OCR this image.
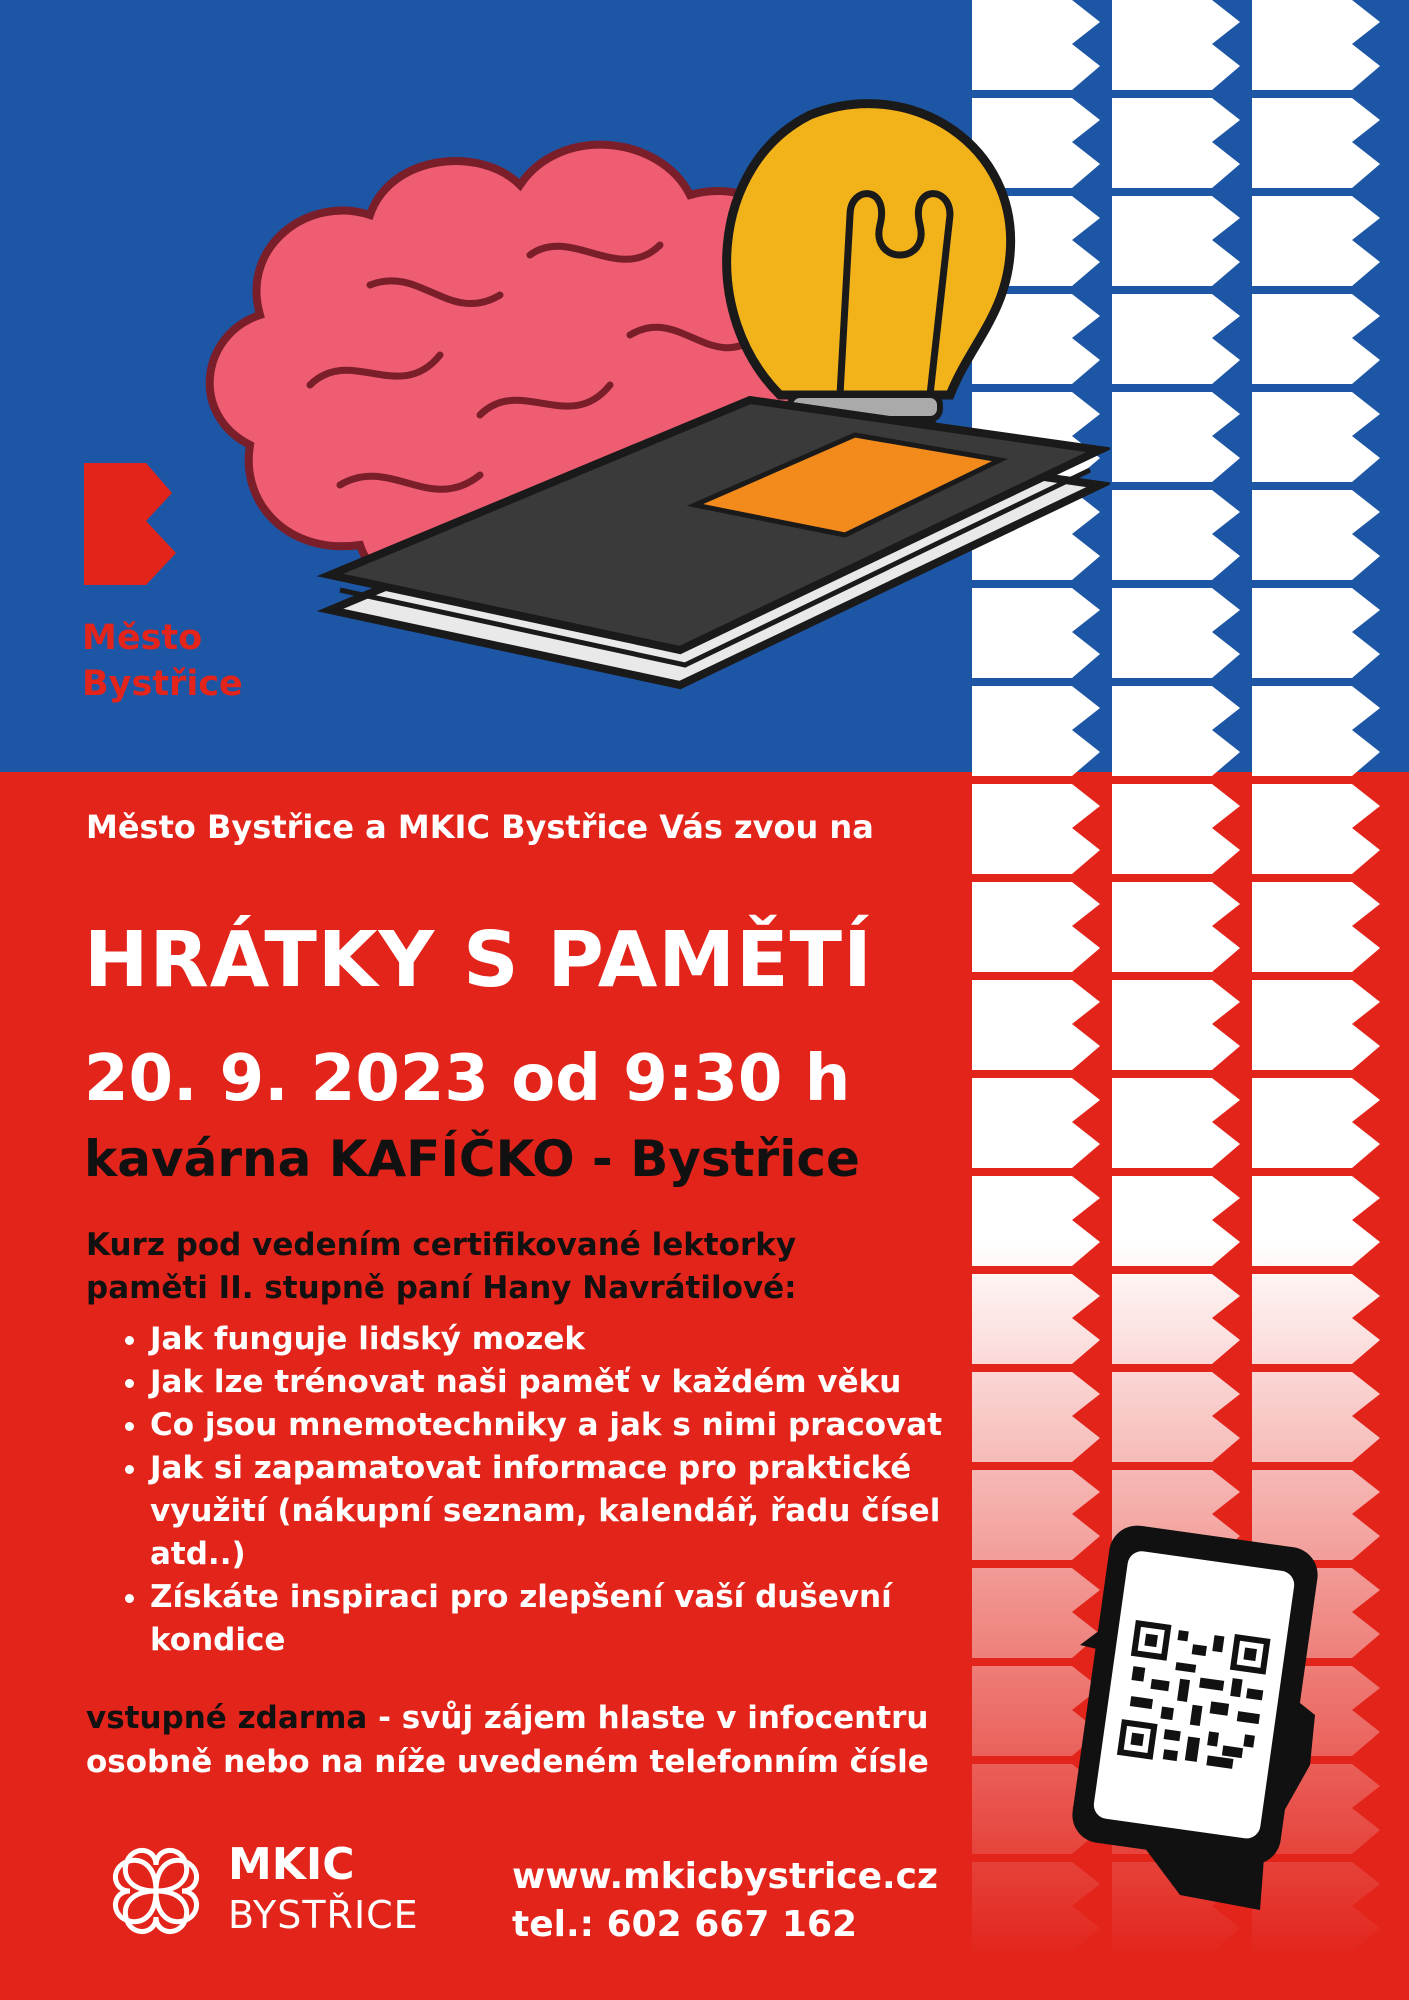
Město
Bystřice
Město Bystřice a MKIC Bystřice Vás zvou na
HRÁTKY S PAMĚTÍ
20. 9. 2023 od 9:30 h
kavárna KAFÍČKO - Bystřice
Kurz pod vedením certifikované lektorky paměti II. stupně paní Hany Navrátilové:
• Jak funguje lidský mozek
• Jak lze trénovat naši paměť v každém věku
• Co jsou mnemotechniky a jak s nimi pracovat
• Jak si zapamatovat informace pro praktické využití (nákupní seznam, kalendář, řadu čísel atd..)
• Získáte inspiraci pro zlepšení vaší duševní kondice
vstupné zdarma - svůj zájem hlaste v infocentru osobně nebo na níže uvedeném telefonním čísle
MKIC
BYSTŘICE
www.mkicbystrice.cz
tel.: 602 667 162
